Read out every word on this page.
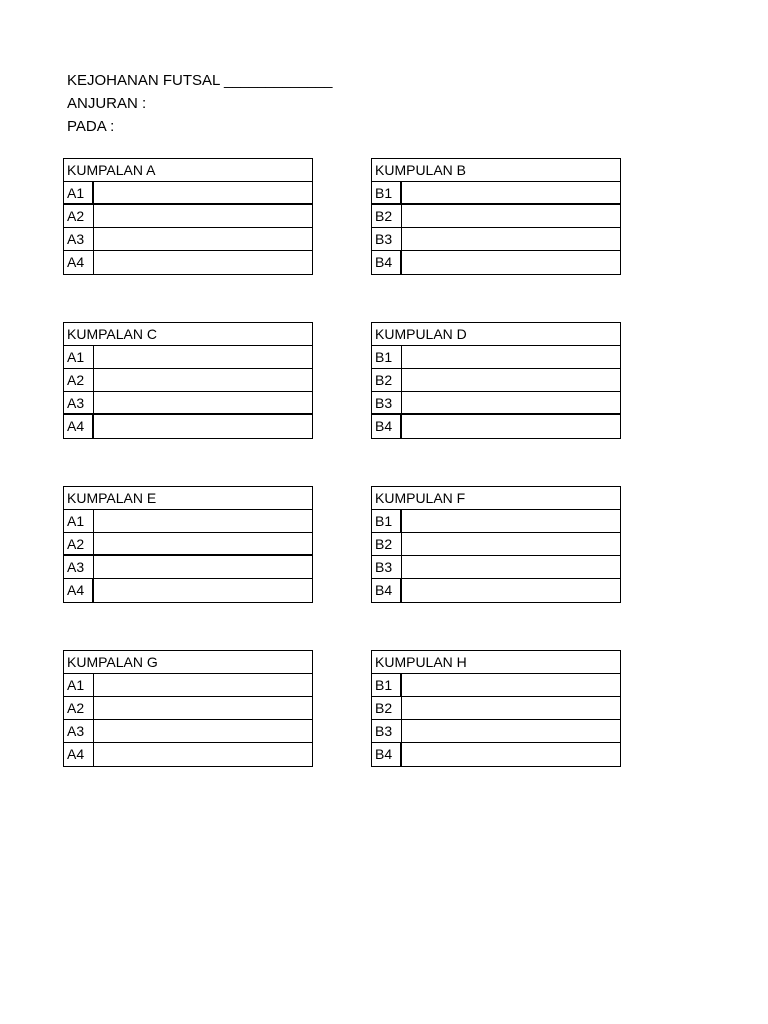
KEJOHANAN FUTSAL _____________
ANJURAN :
PADA :
KUMPALAN A
A1
A2
A3
A4
KUMPULAN B
B1
B2
B3
B4
KUMPALAN C
A1
A2
A3
A4
KUMPULAN D
B1
B2
B3
B4
KUMPALAN E
A1
A2
A3
A4
KUMPULAN F
B1
B2
B3
B4
KUMPALAN G
A1
A2
A3
A4
KUMPULAN H
B1
B2
B3
B4
